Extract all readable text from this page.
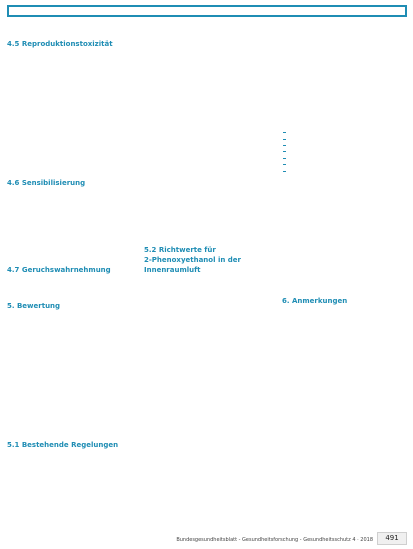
4.5 Reproduktionstoxizität

4.6 Sensibilisierung

4.7 Geruchswahrnehmung

5. Bewertung

5.1 Bestehende Regelungen

5.2 Richtwerte für
2-Phenoxyethanol in der
Innenraumluft

6. Anmerkungen

Bundesgesundheitsblatt - Gesundheitsforschung - Gesundheitsschutz 4 · 2018	491
